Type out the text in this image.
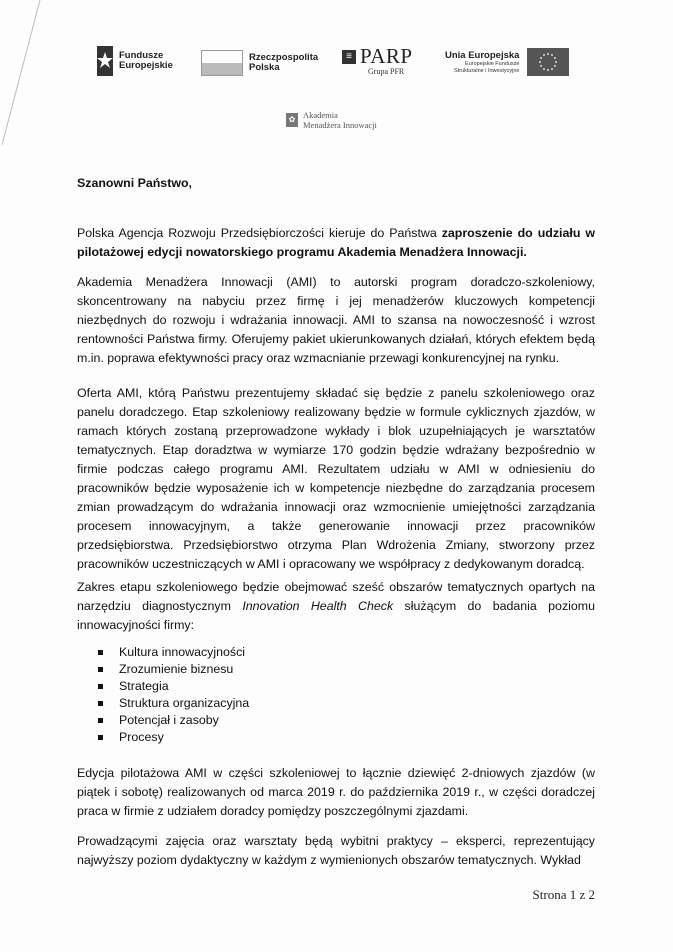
Fundusze
Europejskie
Rzeczpospolita
Polska
≡ PARP
Grupa PFR
Unia Europejska
Europejskie Fundusze
Strukturalne i Inwestycyjne
✿ Akademia
Menadżera Innowacji
Szanowni Państwo,

Polska Agencja Rozwoju Przedsiębiorczości kieruje do Państwa zaproszenie do udziału w pilotażowej edycji nowatorskiego programu Akademia Menadżera Innowacji.

Akademia Menadżera Innowacji (AMI) to autorski program doradczo-szkoleniowy, skoncentrowany na nabyciu przez firmę i jej menadżerów kluczowych kompetencji niezbędnych do rozwoju i wdrażania innowacji. AMI to szansa na nowoczesność i wzrost rentowności Państwa firmy. Oferujemy pakiet ukierunkowanych działań, których efektem będą m.in. poprawa efektywności pracy oraz wzmacnianie przewagi konkurencyjnej na rynku.

Oferta AMI, którą Państwu prezentujemy składać się będzie z panelu szkoleniowego oraz panelu doradczego. Etap szkoleniowy realizowany będzie w formule cyklicznych zjazdów, w ramach których zostaną przeprowadzone wykłady i blok uzupełniających je warsztatów tematycznych. Etap doradztwa w wymiarze 170 godzin będzie wdrażany bezpośrednio w firmie podczas całego programu AMI. Rezultatem udziału w AMI w odniesieniu do pracowników będzie wyposażenie ich w kompetencje niezbędne do zarządzania procesem zmian prowadzącym do wdrażania innowacji oraz wzmocnienie umiejętności zarządzania procesem innowacyjnym, a także generowanie innowacji przez pracowników przedsiębiorstwa. Przedsiębiorstwo otrzyma Plan Wdrożenia Zmiany, stworzony przez pracowników uczestniczących w AMI i opracowany we współpracy z dedykowanym doradcą.

Zakres etapu szkoleniowego będzie obejmować sześć obszarów tematycznych opartych na narzędziu diagnostycznym Innovation Health Check służącym do badania poziomu innowacyjności firmy:

Kultura innowacyjności
Zrozumienie biznesu
Strategia
Struktura organizacyjna
Potencjał i zasoby
Procesy

Edycja pilotażowa AMI w części szkoleniowej to łącznie dziewięć 2-dniowych zjazdów (w piątek i sobotę) realizowanych od marca 2019 r. do października 2019 r., w części doradczej praca w firmie z udziałem doradcy pomiędzy poszczególnymi zjazdami.

Prowadzącymi zajęcia oraz warsztaty będą wybitni praktycy – eksperci, reprezentujący najwyższy poziom dydaktyczny w każdym z wymienionych obszarów tematycznych. Wykład

Strona 1 z 2
